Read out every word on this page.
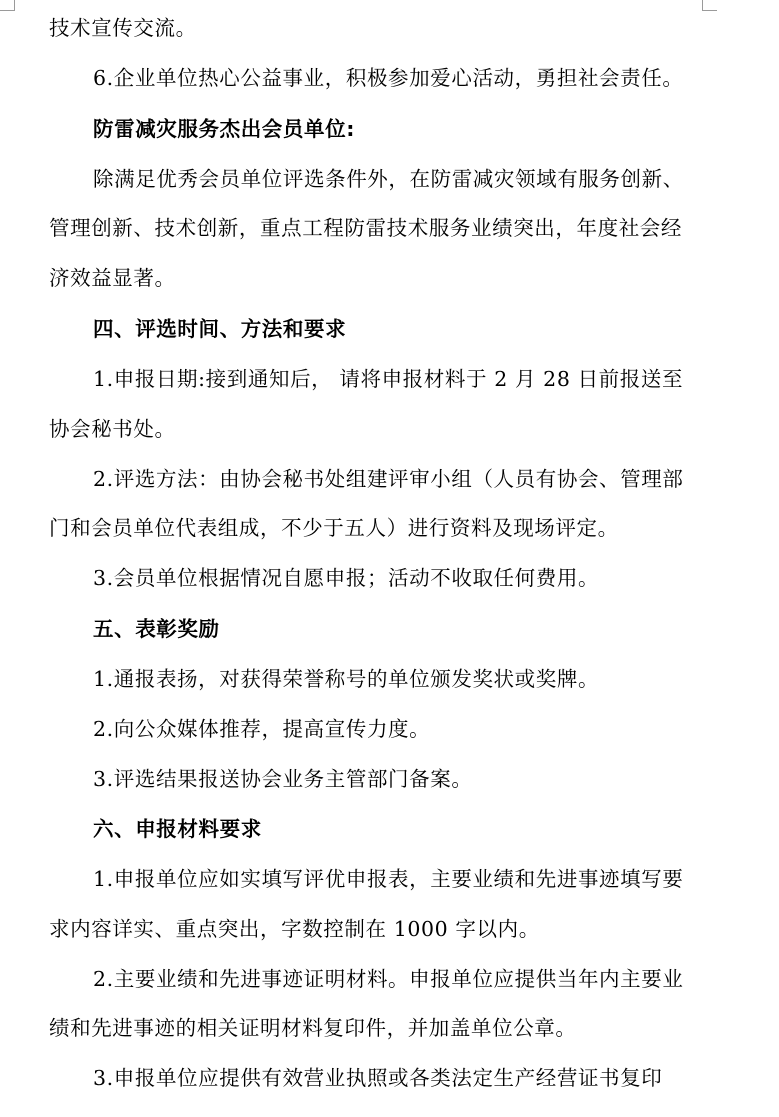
技术宣传交流。
6.企业单位热心公益事业，积极参加爱心活动，勇担社会责任。
防雷减灾服务杰出会员单位:
除满足优秀会员单位评选条件外，在防雷减灾领域有服务创新、
管理创新、技术创新，重点工程防雷技术服务业绩突出，年度社会经
济效益显著。
四、评选时间、方法和要求
1.申报日期:接到通知后， 请将申报材料于 2 月 28 日前报送至
协会秘书处。
2.评选方法：由协会秘书处组建评审小组（人员有协会、管理部
门和会员单位代表组成，不少于五人）进行资料及现场评定。
3.会员单位根据情况自愿申报；活动不收取任何费用。
五、表彰奖励
1.通报表扬，对获得荣誉称号的单位颁发奖状或奖牌。
2.向公众媒体推荐，提高宣传力度。
3.评选结果报送协会业务主管部门备案。
六、申报材料要求
1.申报单位应如实填写评优申报表，主要业绩和先进事迹填写要
求内容详实、重点突出，字数控制在 1000 字以内。
2.主要业绩和先进事迹证明材料。申报单位应提供当年内主要业
绩和先进事迹的相关证明材料复印件，并加盖单位公章。
3.申报单位应提供有效营业执照或各类法定生产经营证书复印
